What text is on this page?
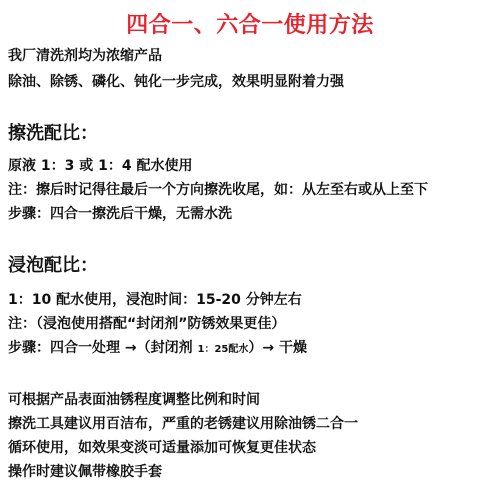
四合一、六合一使用方法
我厂清洗剂均为浓缩产品
除油、除锈、磷化、钝化一步完成，效果明显附着力强
擦洗配比：
原液 1：3 或 1：4 配水使用
注：擦后时记得往最后一个方向擦洗收尾，如：从左至右或从上至下
步骤：四合一擦洗后干燥，无需水洗
浸泡配比：
1：10 配水使用，浸泡时间：15-20 分钟左右
注：（浸泡使用搭配“封闭剂”防锈效果更佳）
步骤：四合一处理 →（封闭剂 1：25配水）→ 干燥
可根据产品表面油锈程度调整比例和时间
擦洗工具建议用百洁布，严重的老锈建议用除油锈二合一
循环使用，如效果变淡可适量添加可恢复更佳状态
操作时建议佩带橡胶手套
